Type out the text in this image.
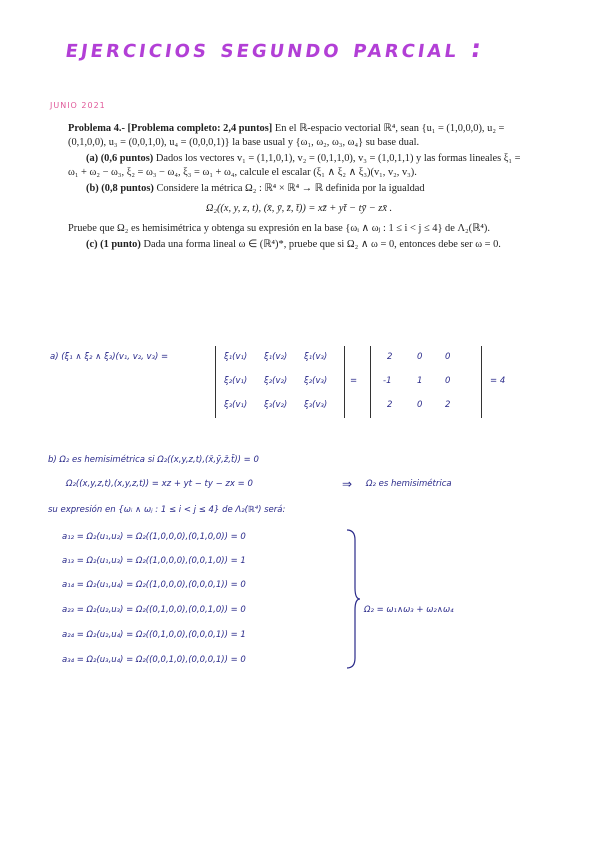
ejercicios segundo parcial :
JUNIO 2021

Problema 4.- [Problema completo: 2,4 puntos] En el ℝ-espacio vectorial ℝ⁴, sean {u₁ = (1,0,0,0), u₂ = (0,1,0,0), u₃ = (0,0,1,0), u₄ = (0,0,0,1)} la base usual y {ω₁, ω₂, ω₃, ω₄} su base dual.

(a) (0,6 puntos) Dados los vectores v₁ = (1,1,0,1), v₂ = (0,1,1,0), v₃ = (1,0,1,1) y las formas lineales ξ₁ = ω₁ + ω₂ − ω₃, ξ₂ = ω₃ − ω₄, ξ₃ = ω₁ + ω₄, calcule el escalar (ξ₁ ∧ ξ₂ ∧ ξ₃)(v₁, v₂, v₃).

(b) (0,8 puntos) Considere la métrica Ω₂ : ℝ⁴ × ℝ⁴ → ℝ definida por la igualdad

Ω₂((x, y, z, t), (x̄, ȳ, z̄, t̄)) = xz̄ + yt̄ − tȳ − zx̄ .

Pruebe que Ω₂ es hemisimétrica y obtenga su expresión en la base {ωᵢ ∧ ωⱼ : 1 ≤ i < j ≤ 4} de Λ₂(ℝ⁴).

(c) (1 punto) Dada una forma lineal ω ∈ (ℝ⁴)*, pruebe que si Ω₂ ∧ ω = 0, entonces debe ser ω = 0.

a) (ξ₁ ∧ ξ₂ ∧ ξ₃)(v₁, v₂, v₃) =	ξ₁(v₁) ξ₁(v₂) ξ₁(v₃)
ξ₂(v₁) ξ₂(v₂) ξ₂(v₃)
ξ₃(v₁) ξ₃(v₂) ξ₃(v₃)
=
2	0	0
-1	1	0
2	0	2
= 4
b) Ω₂ es hemisimétrica si Ω₂((x,y,z,t),(x̄,ȳ,z̄,t̄)) = 0
Ω₂((x,y,z,t),(x,y,z,t)) = xz + yt − ty − zx = 0	⇒ Ω₂ es hemisimétrica
su expresión en {ωᵢ ∧ ωⱼ : 1 ≤ i < j ≤ 4} de Λ₂(ℝ⁴) será:
a₁₂ = Ω₂(u₁,u₂) = Ω₂((1,0,0,0),(0,1,0,0)) = 0
a₁₃ = Ω₂(u₁,u₃) = Ω₂((1,0,0,0),(0,0,1,0)) = 1
a₁₄ = Ω₂(u₁,u₄) = Ω₂((1,0,0,0),(0,0,0,1)) = 0
a₂₃ = Ω₂(u₂,u₃) = Ω₂((0,1,0,0),(0,0,1,0)) = 0
a₂₄ = Ω₂(u₂,u₄) = Ω₂((0,1,0,0),(0,0,0,1)) = 1
a₃₄ = Ω₂(u₃,u₄) = Ω₂((0,0,1,0),(0,0,0,1)) = 0
Ω₂ = ω₁∧ω₃ + ω₂∧ω₄
